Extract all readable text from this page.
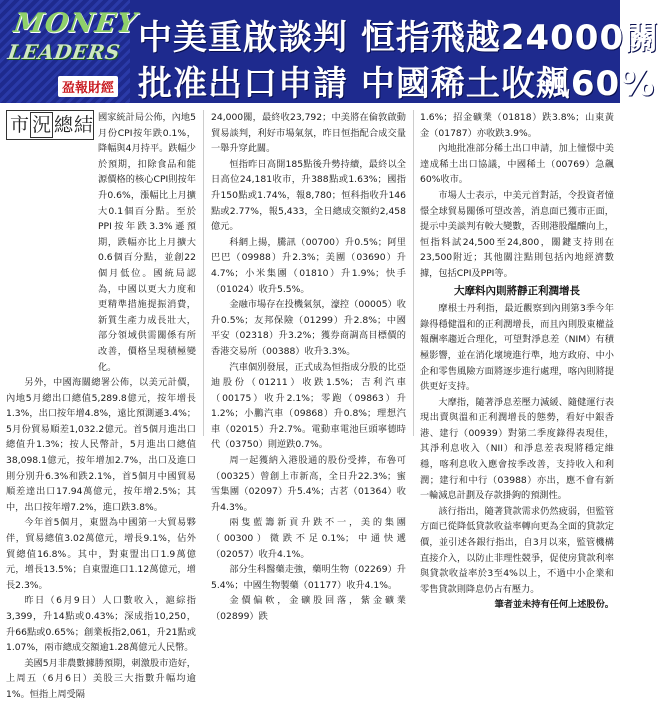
MONEY
LEADERS
盈報財經
中美重啟談判 恒指飛越24000關
批准出口申請 中國稀土收飆60%
市 況 總 結 國家統計局公佈，內地5月份CPI按年跌0.1%，降幅與4月持平。跌幅少於預期，扣除食品和能源價格的核心CPI則按年升0.6%，漲幅比上月擴大0.1個百分點。至於PPI按年跌3.3%遜預期，跌幅亦比上月擴大0.6個百分點，並創22個月低位。國統局認為，中國以更大力度和更精準措施提振消費，新質生產力成長壯大，部分領域供需關係有所改善，價格呈現積極變化。

另外，中國海關總署公佈，以美元計價，內地5月總出口總值5,289.8億元，按年增長1.3%，出口按年增4.8%，遠比預測遜3.4%；5月份貿易順差1,032.2億元。首5個月進出口總值升1.3%；按人民幣計，5月進出口總值38,098.1億元，按年增加2.7%，出口及進口則分別升6.3%和跌2.1%，首5個月中國貿易順差達出口17.94萬億元，按年增2.5%；其中，出口按年增7.2%，進口跌3.8%。

今年首5個月，東盟為中國第一大貿易夥伴，貿易總值3.02萬億元，增長9.1%，佔外貿總值16.8%。其中，對東盟出口1.9萬億元，增長13.5%；自東盟進口1.12萬億元，增長2.3%。

昨日（6月9日）人口數收入，滬綜指3,399，升14點或0.43%；深成指10,250，升66點或0.65%；創業板指2,061，升21點或1.07%，兩市總成交額逾1.28萬億元人民幣。

美國5月非農數據勝預期，刺激股市造好，上周五（6月6日）美股三大指數升幅均逾1%。恒指上周受隔

24,000關，最終收23,792；中美將在倫敦啟動貿易談判，利好市場氣氛，昨日恒指配合成交量一舉升穿此關。

恒指昨日高開185點後升勢持續，最終以全日高位24,181收市，升388點或1.63%；國指升150點或1.74%，報8,780；恒科指收升146點或2.77%，報5,433，全日總成交額約2,458億元。

科網上揚，騰訊（00700）升0.5%；阿里巴巴（09988）升2.3%；美團（03690）升4.7%；小米集團（01810）升1.9%；快手（01024）收升5.5%。

金融市場存在投機氣氛，濠控（00005）收升0.5%；友邦保險（01299）升2.8%；中國平安（02318）升3.2%；獲券商調高目標價的香港交易所（00388）收升3.3%。

汽車個別發展，正式成為恒指成分股的比亞迪股份（01211）收跌1.5%；吉利汽車（00175）收升2.1%；零跑（09863）升1.2%；小鵬汽車（09868）升0.8%；理想汽車（02015）升2.7%。電動車電池巨頭寧德時代（03750）則逆跌0.7%。

周一起獲納入港股通的股份受捧，布魯可（00325）曾創上市新高，全日升22.3%；蜜雪集團（02097）升5.4%；古茗（01364）收升4.3%。

兩隻藍籌新貢升跌不一，美的集團（00300）微跌不足0.1%；中通快遞（02057）收升4.1%。

部分生科醫藥走強，藥明生物（02269）升5.4%；中國生物製藥（01177）收升4.1%。

金價偏軟，金礦股回落，紫金礦業（02899）跌

1.6%；招金礦業（01818）跌3.8%；山東黃金（01787）亦收跌3.9%。

內地批准部分稀土出口申請，加上憧憬中美達成稀土出口協議，中國稀土（00769）急飆60%收市。

市場人士表示，中美元首對話，令投資者憧憬全球貿易關係可望改善，消息面已獲市正面，提示中美談判有較大變數，否則港股醞釀向上，恒指料試24,500至24,800，關鍵支持則在23,500附近；其他關注點則包括內地經濟數據，包括CPI及PPI等。

大摩料內則將靜正利潤增長

摩根士丹利指，最近觀察到內則第3季今年錄得穩健溫和的正利潤增長，而且內則股東權益報酬率趨近合理化，可望對淨息差（NIM）有積極影響，並在消化壞境進行準，地方政府、中小企和零售風險方面將逐步進行處理，喀內則將提供更好支持。

大摩指，隨著淨息差壓力減緩、隨健運行表現出賣與溫和正利潤增長的態勢，看好中銀香港、建行（00939）對第二季度錄得表現佳，其淨利息收入（NII）和淨息差表現將穩定維穩，喀利息收入應會按季改善，支持收入和利潤；建行和中行（03988）亦出，應不會有新一輪減息計劃及存款掛鉤的預測性。

該行指出，隨著貸款需求仍然疲弱，但監管方面已從降低貸款收益率轉向更為全面的貸款定價，並引述各銀行指出，自3月以來，監管機構直接介入，以防止非理性競爭，促使房貸款利率與貸款收益率於3至4%以上，不過中小企業和零售貸款則降息仍占有壓力。

筆者並未持有任何上述股份。
